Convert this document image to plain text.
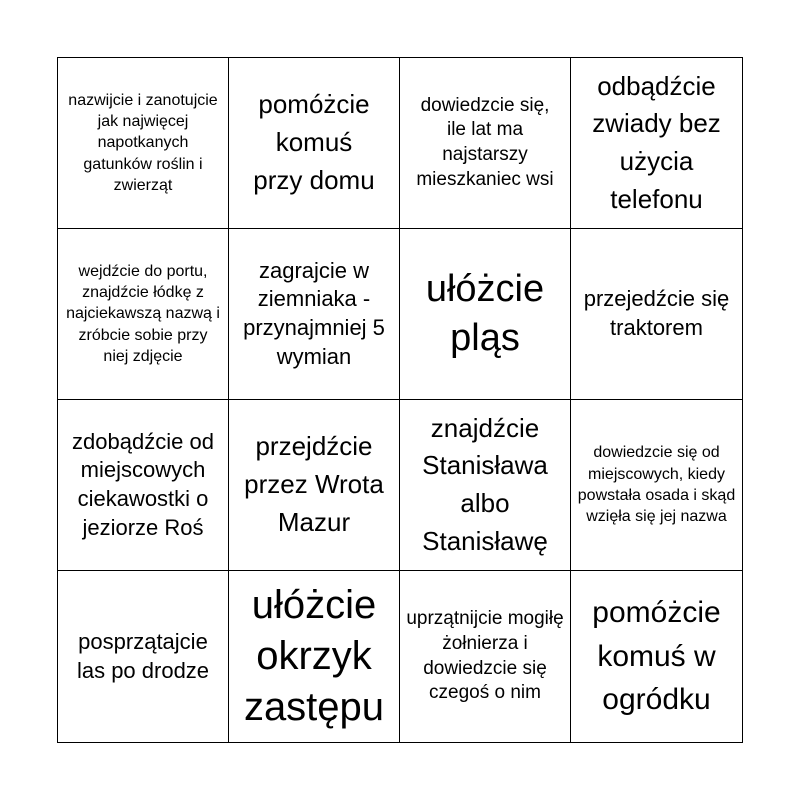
nazwijcie i zanotujcie jak najwięcej napotkanych gatunków roślin i zwierząt
pomóżcie komuś przy domu
dowiedzcie się, ile lat ma najstarszy mieszkaniec wsi
odbądźcie zwiady bez użycia telefonu
wejdźcie do portu, znajdźcie łódkę z najciekawszą nazwą i zróbcie sobie przy niej zdjęcie
zagrajcie w ziemniaka - przynajmniej 5 wymian
ułóżcie pląs
przejedźcie się traktorem
zdobądźcie od miejscowych ciekawostki o jeziorze Roś
przejdźcie przez Wrota Mazur
znajdźcie Stanisława albo Stanisławę
dowiedzcie się od miejscowych, kiedy powstała osada i skąd wzięła się jej nazwa
posprzątajcie las po drodze
ułóżcie okrzyk zastępu
uprzątnijcie mogiłę żołnierza i dowiedzcie się czegoś o nim
pomóżcie komuś w ogródku
